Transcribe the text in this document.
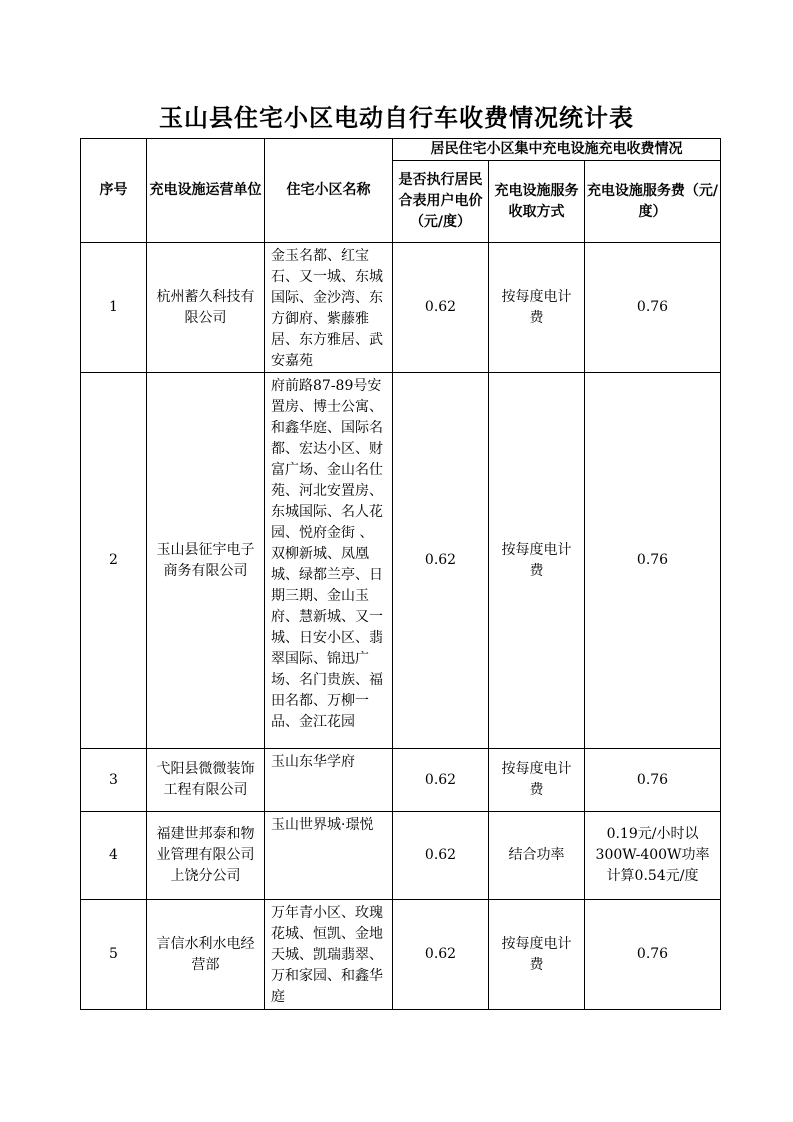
玉山县住宅小区电动自行车收费情况统计表
序号	充电设施运营单位	住宅小区名称	居民住宅小区集中充电设施充电收费情况		
			是否执行居民合表用户电价（元/度）	充电设施服务收取方式	充电设施服务费（元/度）
1	杭州蓄久科技有限公司	金玉名都、红宝石、又一城、东城国际、金沙湾、东方御府、紫藤雅居、东方雅居、武安嘉苑	0.62	按每度电计费	0.76
2	玉山县征宇电子商务有限公司	府前路87-89号安置房、博士公寓、和鑫华庭、国际名都、宏达小区、财富广场、金山名仕苑、河北安置房、东城国际、名人花园、悦府金街 、双柳新城、凤凰城、绿都兰亭、日期三期、金山玉府、慧新城、又一城、日安小区、翡翠国际、锦迅广场、名门贵族、福田名都、万柳一品、金江花园	0.62	按每度电计费	0.76
3	弋阳县微微装饰工程有限公司	玉山东华学府	0.62	按每度电计费	0.76
4	福建世邦泰和物业管理有限公司上饶分公司	玉山世界城·璟悦	0.62	结合功率	0.19元/小时以300W-400W功率计算0.54元/度
5	言信水利水电经营部	万年青小区、玫瑰花城、恒凯、金地天城、凯瑞翡翠、万和家园、和鑫华庭	0.62	按每度电计费	0.76
